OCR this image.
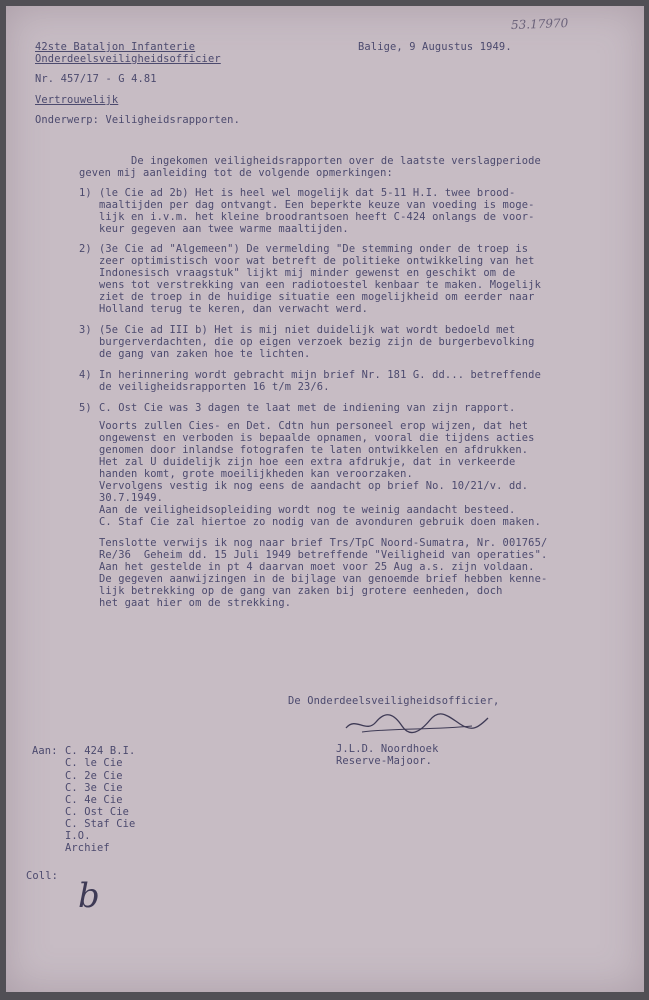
53.17970
42ste Bataljon Infanterie
Onderdeelsveiligheidsofficier
Balige, 9 Augustus 1949.
Nr. 457/17 - G 4.81
Vertrouwelijk
Onderwerp: Veiligheidsrapporten.
De ingekomen veiligheidsrapporten over de laatste verslagperiode
geven mij aanleiding tot de volgende opmerkingen:
1) (le Cie ad 2b) Het is heel wel mogelijk dat 5-11 H.I. twee brood-
maaltijden per dag ontvangt. Een beperkte keuze van voeding is moge-
lijk en i.v.m. het kleine broodrantsoen heeft C-424 onlangs de voor-
keur gegeven aan twee warme maaltijden.
2) (3e Cie ad "Algemeen") De vermelding "De stemming onder de troep is
zeer optimistisch voor wat betreft de politieke ontwikkeling van het
Indonesisch vraagstuk" lijkt mij minder gewenst en geschikt om de
wens tot verstrekking van een radiotoestel kenbaar te maken. Mogelijk
ziet de troep in de huidige situatie een mogelijkheid om eerder naar
Holland terug te keren, dan verwacht werd.
3) (5e Cie ad III b) Het is mij niet duidelijk wat wordt bedoeld met
burgerverdachten, die op eigen verzoek bezig zijn de burgerbevolking
de gang van zaken hoe te lichten.
4) In herinnering wordt gebracht mijn brief Nr. 181 G. dd... betreffende
de veiligheidsrapporten 16 t/m 23/6.
5) C. Ost Cie was 3 dagen te laat met de indiening van zijn rapport.
Voorts zullen Cies- en Det. Cdtn hun personeel erop wijzen, dat het
ongewenst en verboden is bepaalde opnamen, vooral die tijdens acties
genomen door inlandse fotografen te laten ontwikkelen en afdrukken.
Het zal U duidelijk zijn hoe een extra afdrukje, dat in verkeerde
handen komt, grote moeilijkheden kan veroorzaken.
Vervolgens vestig ik nog eens de aandacht op brief No. 10/21/v. dd.
30.7.1949.
Aan de veiligheidsopleiding wordt nog te weinig aandacht besteed.
C. Staf Cie zal hiertoe zo nodig van de avonduren gebruik doen maken.
Tenslotte verwijs ik nog naar brief Trs/TpC Noord-Sumatra, Nr. 001765/
Re/36  Geheim dd. 15 Juli 1949 betreffende "Veiligheid van operaties".
Aan het gestelde in pt 4 daarvan moet voor 25 Aug a.s. zijn voldaan.
De gegeven aanwijzingen in de bijlage van genoemde brief hebben kenne-
lijk betrekking op de gang van zaken bij grotere eenheden, doch
het gaat hier om de strekking.
De Onderdeelsveiligheidsofficier,
J.L.D. Noordhoek
Reserve-Majoor.
Aan: C. 424 B.I.
C. le Cie
C. 2e Cie
C. 3e Cie
C. 4e Cie
C. Ost Cie
C. Staf Cie
I.O.
Archief
Coll: b
